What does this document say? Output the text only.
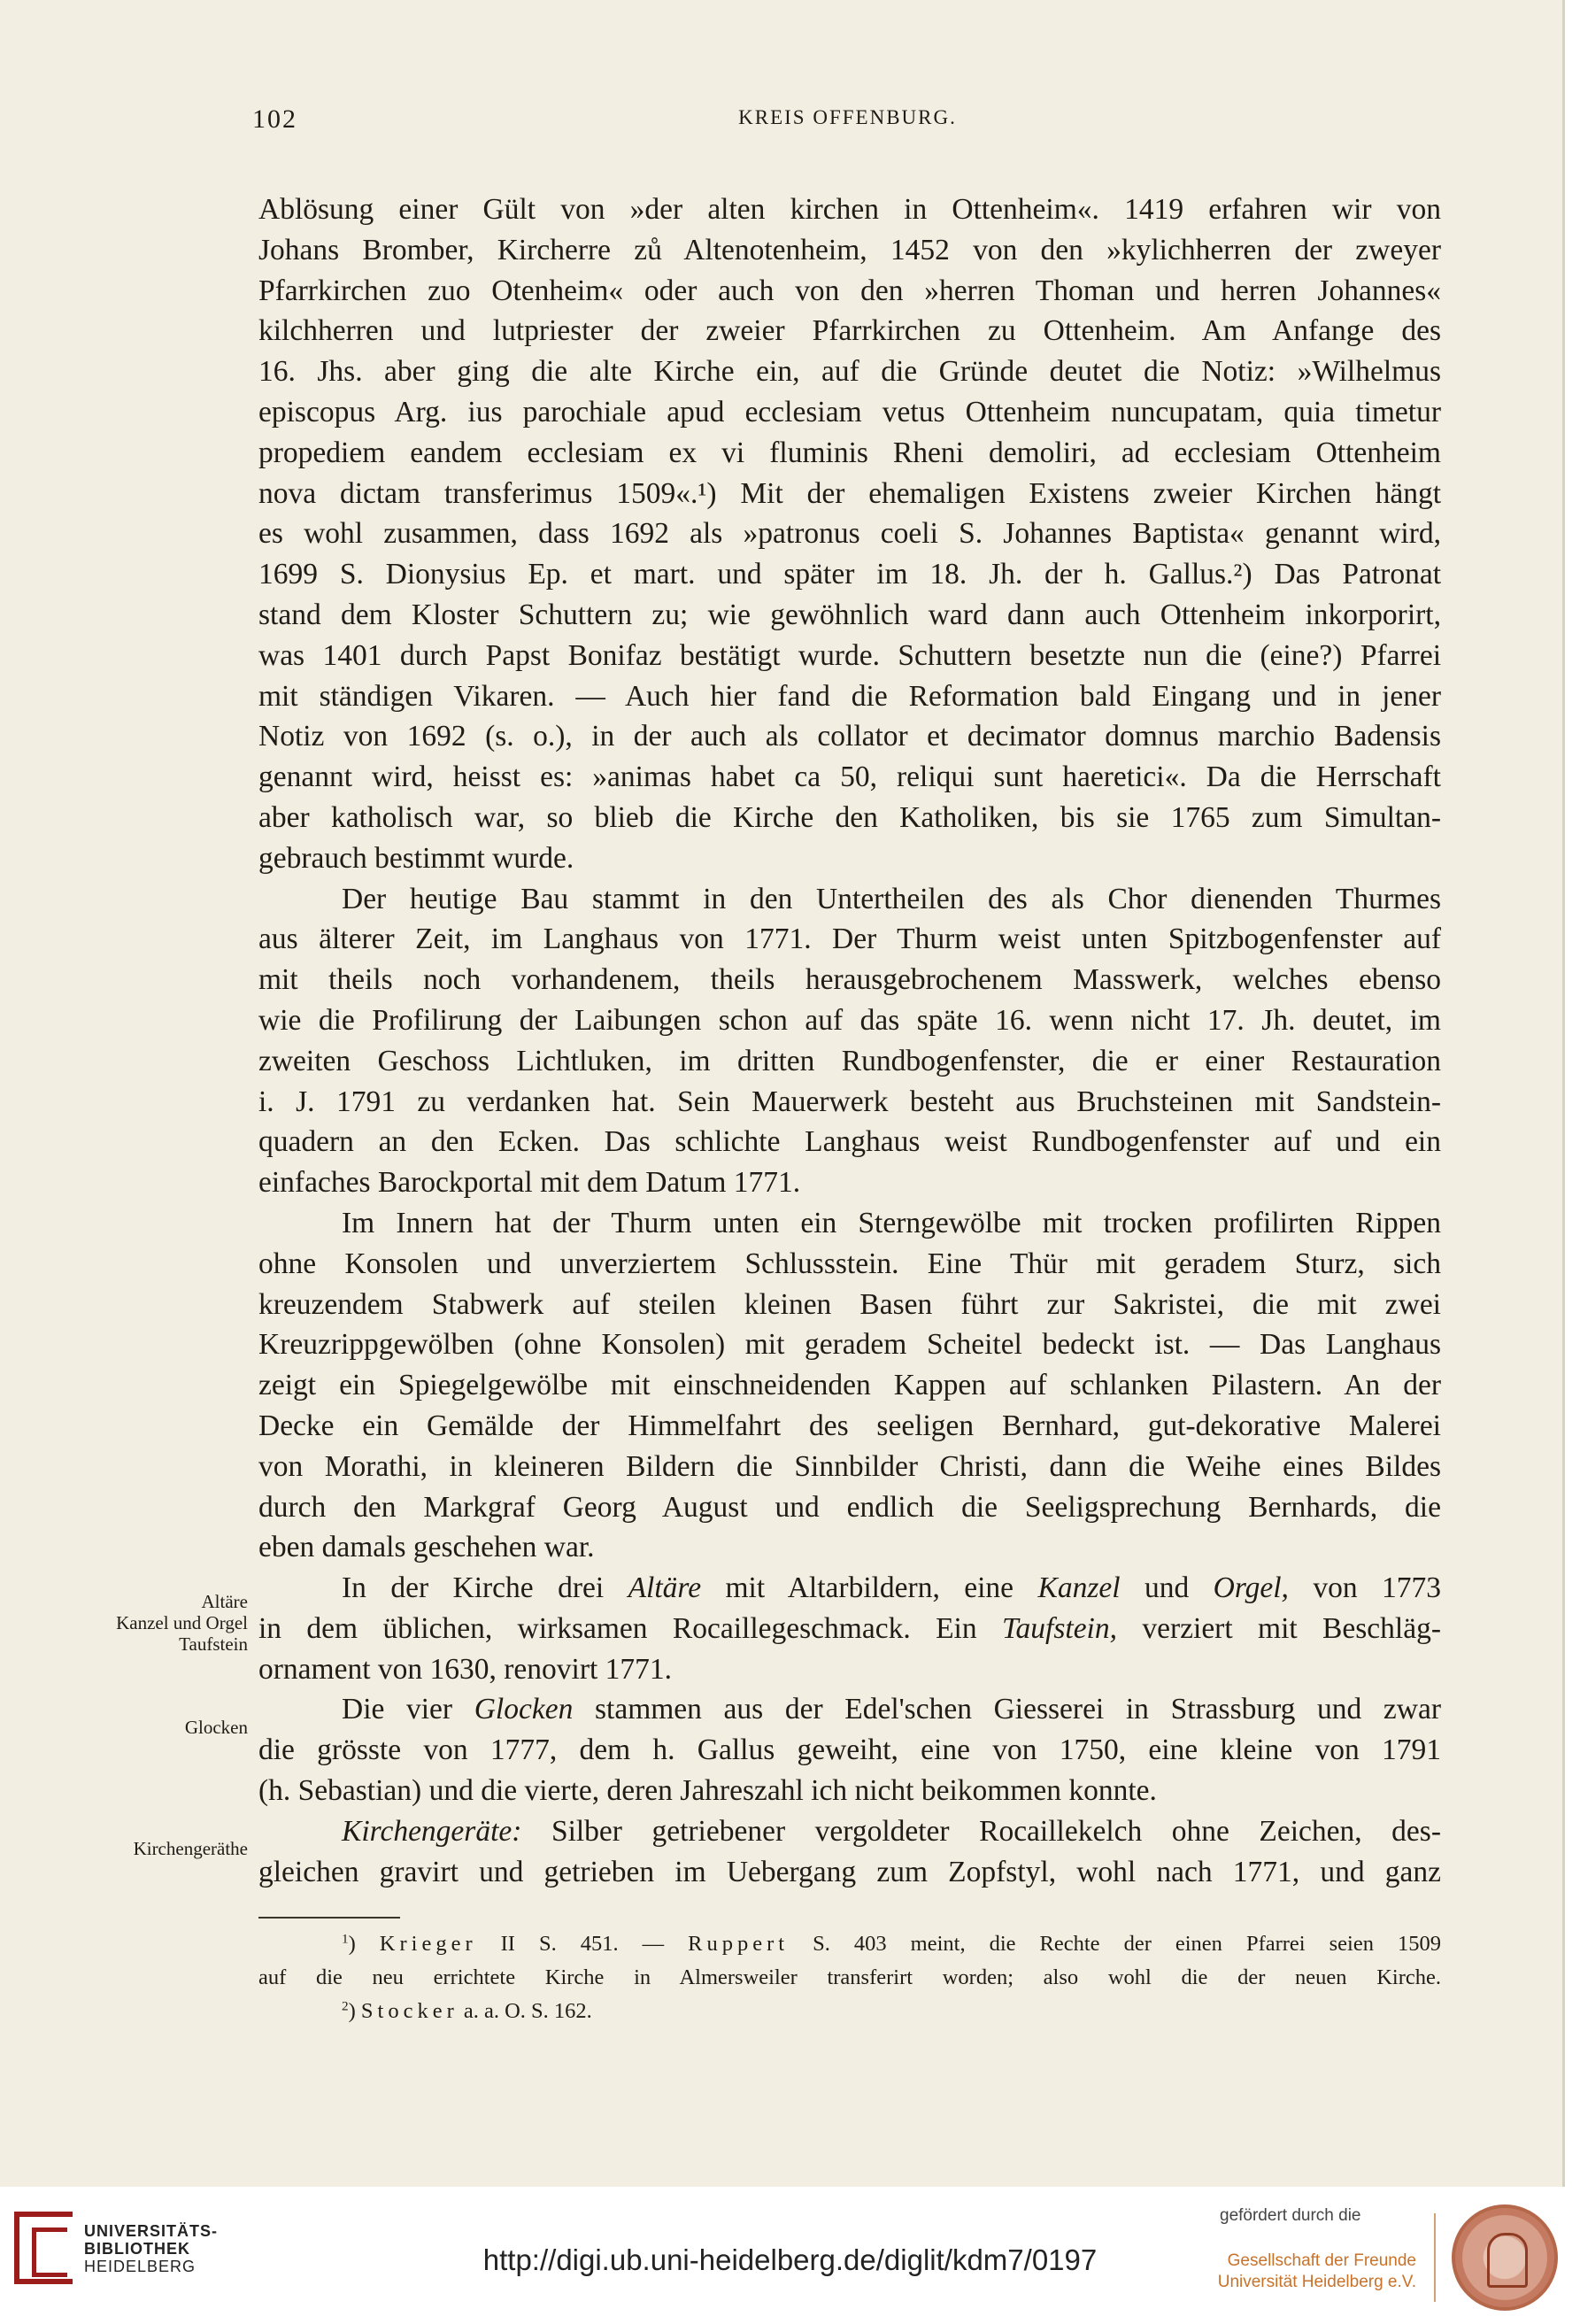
102	KREIS OFFENBURG.
Ablösung einer Gült von »der alten kirchen in Ottenheim«. 1419 erfahren wir von
Johans Bromber, Kircherre zů Altenotenheim, 1452 von den »kylichherren der zweyer
Pfarrkirchen zuo Otenheim« oder auch von den »herren Thoman und herren Johannes«
kilchherren und lutpriester der zweier Pfarrkirchen zu Ottenheim. Am Anfange des
16. Jhs. aber ging die alte Kirche ein, auf die Gründe deutet die Notiz: »Wilhelmus
episcopus Arg. ius parochiale apud ecclesiam vetus Ottenheim nuncupatam, quia timetur
propediem eandem ecclesiam ex vi fluminis Rheni demoliri, ad ecclesiam Ottenheim
nova dictam transferimus 1509«.¹) Mit der ehemaligen Existens zweier Kirchen hängt
es wohl zusammen, dass 1692 als »patronus coeli S. Johannes Baptista« genannt wird,
1699 S. Dionysius Ep. et mart. und später im 18. Jh. der h. Gallus.²) Das Patronat
stand dem Kloster Schuttern zu; wie gewöhnlich ward dann auch Ottenheim inkorporirt,
was 1401 durch Papst Bonifaz bestätigt wurde. Schuttern besetzte nun die (eine?) Pfarrei
mit ständigen Vikaren. — Auch hier fand die Reformation bald Eingang und in jener
Notiz von 1692 (s. o.), in der auch als collator et decimator domnus marchio Badensis
genannt wird, heisst es: »animas habet ca 50, reliqui sunt haeretici«. Da die Herrschaft
aber katholisch war, so blieb die Kirche den Katholiken, bis sie 1765 zum Simultan-
gebrauch bestimmt wurde.
Der heutige Bau stammt in den Untertheilen des als Chor dienenden Thurmes
aus älterer Zeit, im Langhaus von 1771. Der Thurm weist unten Spitzbogenfenster auf
mit theils noch vorhandenem, theils herausgebrochenem Masswerk, welches ebenso
wie die Profilirung der Laibungen schon auf das späte 16. wenn nicht 17. Jh. deutet, im
zweiten Geschoss Lichtluken, im dritten Rundbogenfenster, die er einer Restauration
i. J. 1791 zu verdanken hat. Sein Mauerwerk besteht aus Bruchsteinen mit Sandstein-
quadern an den Ecken. Das schlichte Langhaus weist Rundbogenfenster auf und ein
einfaches Barockportal mit dem Datum 1771.
Im Innern hat der Thurm unten ein Sterngewölbe mit trocken profilirten Rippen
ohne Konsolen und unverziertem Schlussstein. Eine Thür mit geradem Sturz, sich
kreuzendem Stabwerk auf steilen kleinen Basen führt zur Sakristei, die mit zwei
Kreuzrippgewölben (ohne Konsolen) mit geradem Scheitel bedeckt ist. — Das Langhaus
zeigt ein Spiegelgewölbe mit einschneidenden Kappen auf schlanken Pilastern. An der
Decke ein Gemälde der Himmelfahrt des seeligen Bernhard, gut-dekorative Malerei
von Morathi, in kleineren Bildern die Sinnbilder Christi, dann die Weihe eines Bildes
durch den Markgraf Georg August und endlich die Seeligsprechung Bernhards, die
eben damals geschehen war.
In der Kirche drei Altäre mit Altarbildern, eine Kanzel und Orgel, von 1773
in dem üblichen, wirksamen Rocaillegeschmack. Ein Taufstein, verziert mit Beschläg-
ornament von 1630, renovirt 1771.
Die vier Glocken stammen aus der Edel'schen Giesserei in Strassburg und zwar
die grösste von 1777, dem h. Gallus geweiht, eine von 1750, eine kleine von 1791
(h. Sebastian) und die vierte, deren Jahreszahl ich nicht beikommen konnte.
Kirchengeräte: Silber getriebener vergoldeter Rocaillekelch ohne Zeichen, des-
gleichen gravirt und getrieben im Uebergang zum Zopfstyl, wohl nach 1771, und ganz
Altäre
Kanzel und Orgel
Taufstein
Glocken
Kirchengeräthe
$^1$) Krieger II S. 451. — Ruppert S. 403 meint, die Rechte der einen Pfarrei seien 1509
auf die neu errichtete Kirche in Almersweiler transferirt worden; also wohl die der neuen Kirche.
$^2$) Stocker a. a. O. S. 162.
UNIVERSITÄTS-
BIBLIOTHEK
HEIDELBERG	http://digi.ub.uni-heidelberg.de/diglit/kdm7/0197
gefördert durch die
Gesellschaft der Freunde
Universität Heidelberg e.V.
